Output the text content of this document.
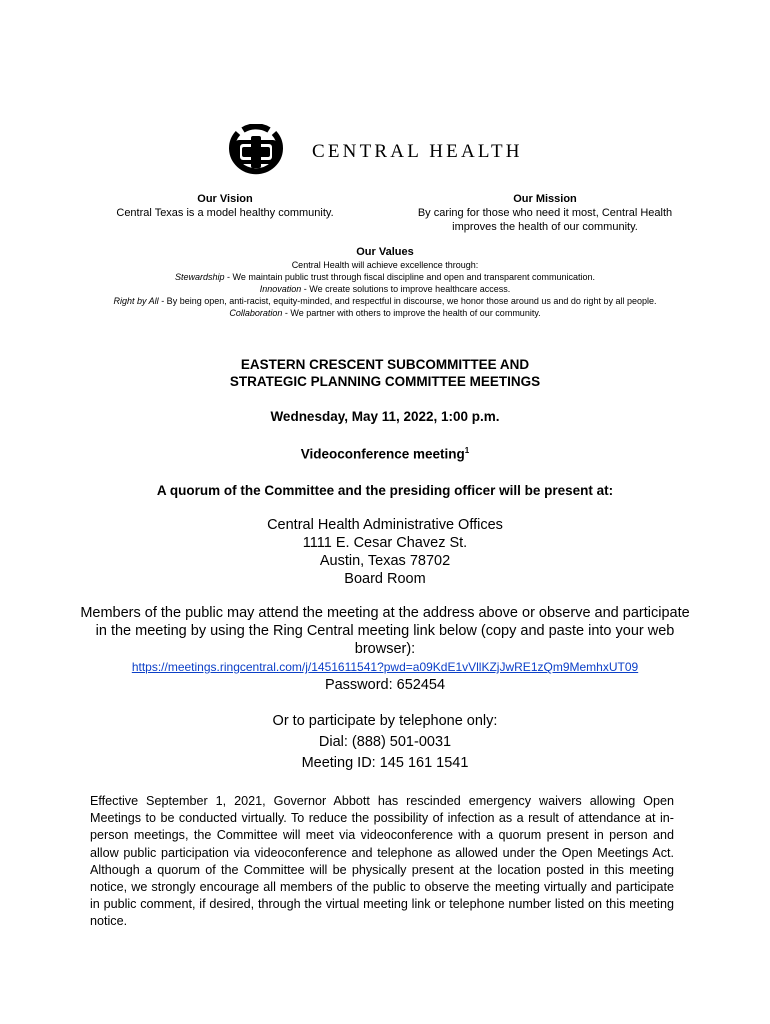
CENTRAL HEALTH
Our Vision
Central Texas is a model healthy community.
Our Mission
By caring for those who need it most, Central Health
improves the health of our community.
Our Values
Central Health will achieve excellence through:
Stewardship - We maintain public trust through fiscal discipline and open and transparent communication.
Innovation - We create solutions to improve healthcare access.
Right by All - By being open, anti-racist, equity-minded, and respectful in discourse, we honor those around us and do right by all people.
Collaboration - We partner with others to improve the health of our community.
EASTERN CRESCENT SUBCOMMITTEE AND
STRATEGIC PLANNING COMMITTEE MEETINGS
Wednesday, May 11, 2022, 1:00 p.m.
Videoconference meeting$^1$
A quorum of the Committee and the presiding officer will be present at:
Central Health Administrative Offices
1111 E. Cesar Chavez St.
Austin, Texas 78702
Board Room
Members of the public may attend the meeting at the address above or observe and participate in the meeting by using the Ring Central meeting link below (copy and paste into your web browser):
https://meetings.ringcentral.com/j/1451611541?pwd=a09KdE1vVllKZjJwRE1zQm9MemhxUT09
Password: 652454
Or to participate by telephone only:
Dial: (888) 501-0031
Meeting ID: 145 161 1541
Effective September 1, 2021, Governor Abbott has rescinded emergency waivers allowing Open Meetings to be conducted virtually. To reduce the possibility of infection as a result of attendance at in-person meetings, the Committee will meet via videoconference with a quorum present in person and allow public participation via videoconference and telephone as allowed under the Open Meetings Act. Although a quorum of the Committee will be physically present at the location posted in this meeting notice, we strongly encourage all members of the public to observe the meeting virtually and participate in public comment, if desired, through the virtual meeting link or telephone number listed on this meeting notice.
